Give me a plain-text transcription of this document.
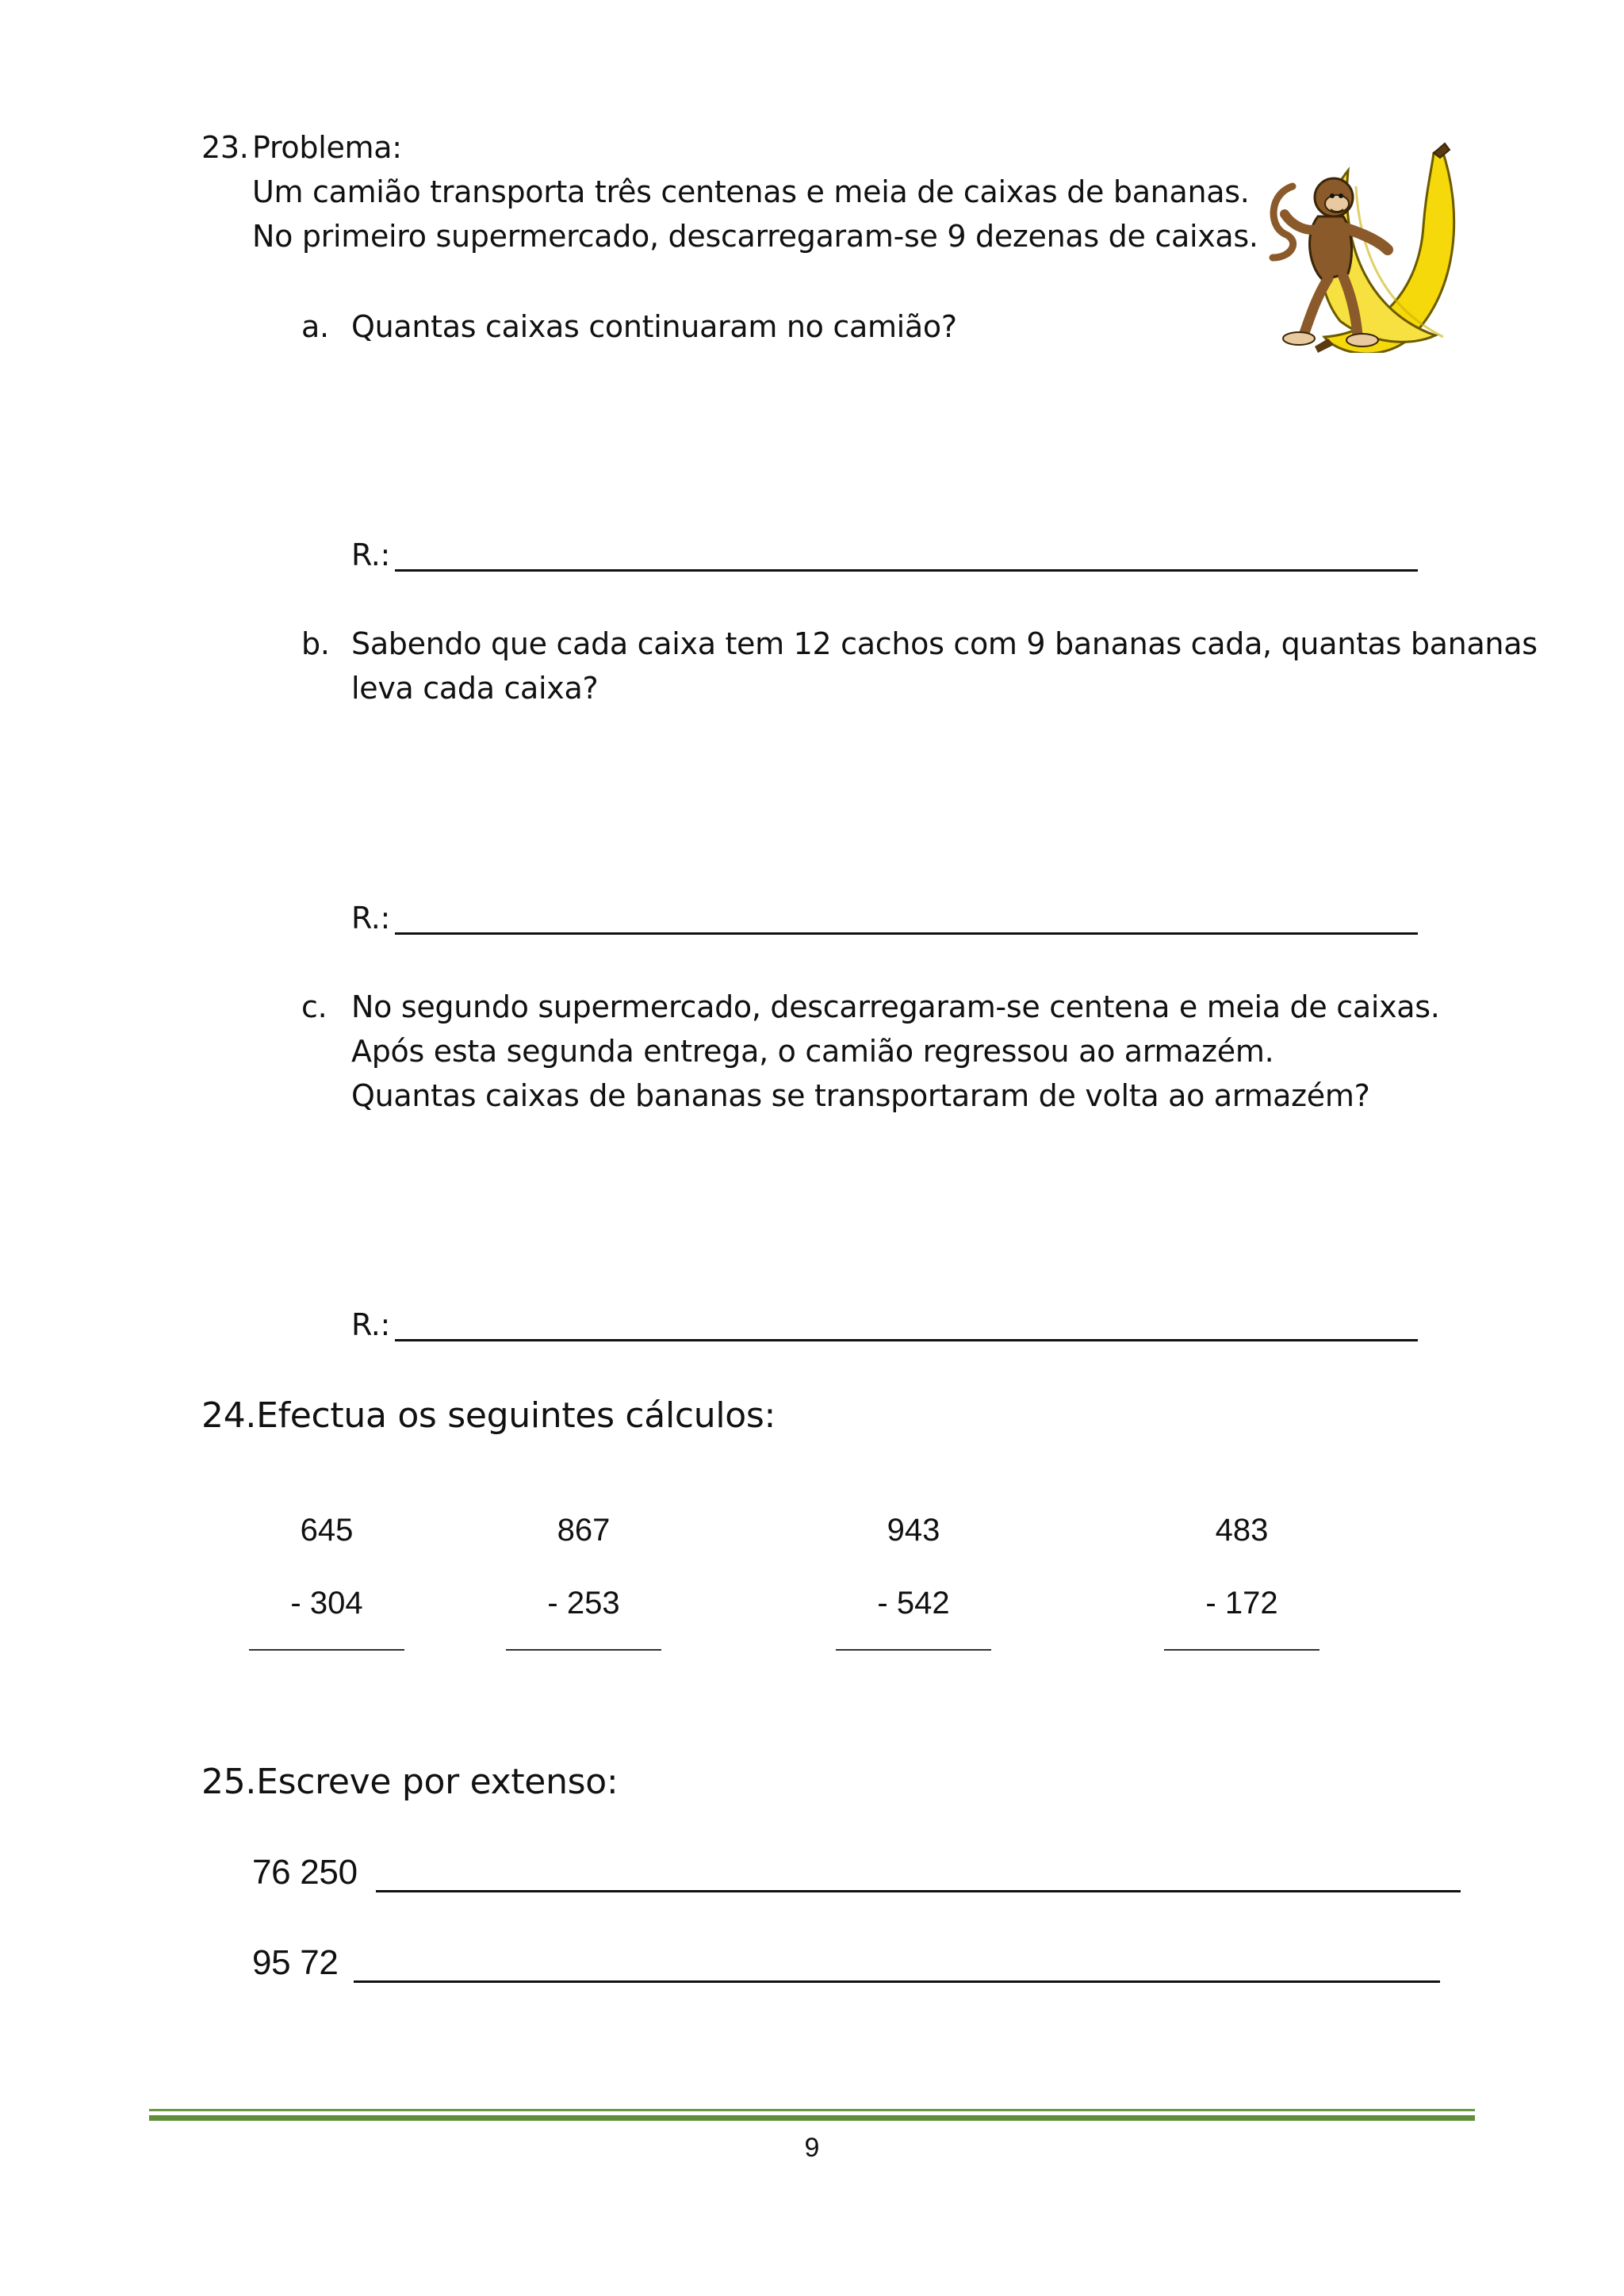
23. Problema:
Um camião transporta três centenas e meia de caixas de bananas.
No primeiro supermercado, descarregaram-se 9 dezenas de caixas.
a. Quantas caixas continuaram no camião?
R.:
b. Sabendo que cada caixa tem 12 cachos com 9 bananas cada, quantas bananas
leva cada caixa?
R.:
c. No segundo supermercado, descarregaram-se centena e meia de caixas.
Após esta segunda entrega, o camião regressou ao armazém.
Quantas caixas de bananas se transportaram de volta ao armazém?
R.:
24.Efectua os seguintes cálculos:
645
- 304
867
- 253
943
- 542
483
- 172
25.Escreve por extenso:
76 250
95 72
9
